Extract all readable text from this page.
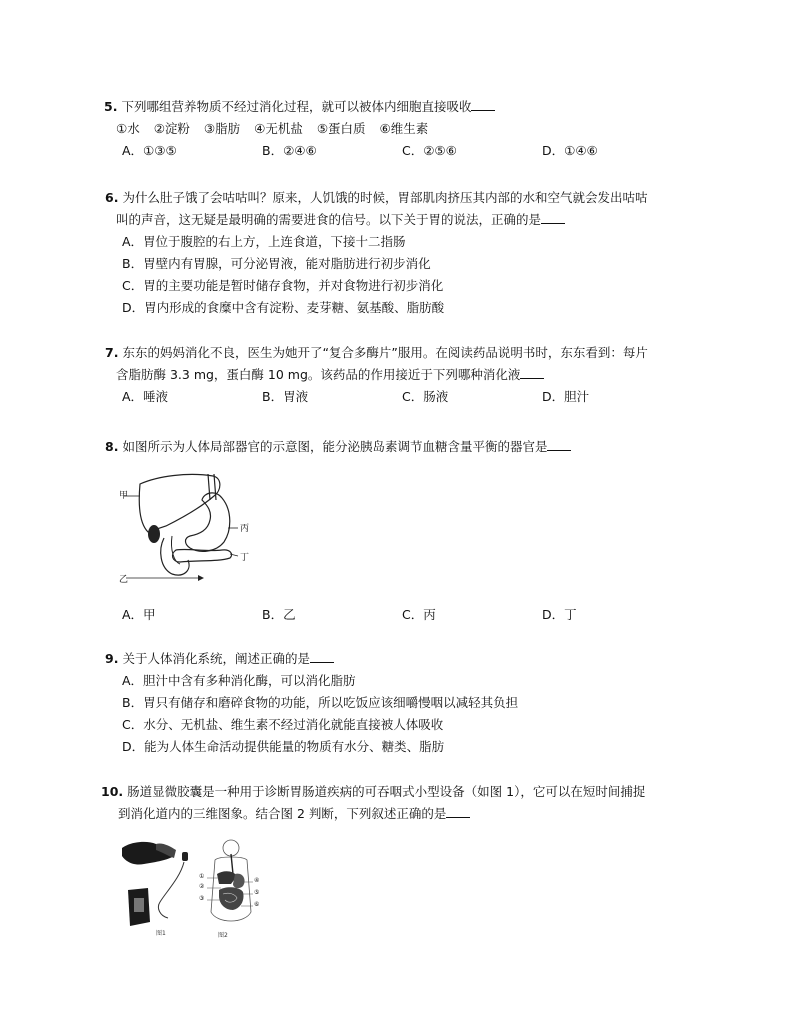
5. 下列哪组营养物质不经过消化过程，就可以被体内细胞直接吸收
①水 ②淀粉 ③脂肪 ④无机盐 ⑤蛋白质 ⑥维生素
A．①③⑤	B．②④⑥	C．②⑤⑥	D．①④⑥
6. 为什么肚子饿了会咕咕叫？原来，人饥饿的时候，胃部肌肉挤压其内部的水和空气就会发出咕咕
叫的声音，这无疑是最明确的需要进食的信号。以下关于胃的说法，正确的是
A．胃位于腹腔的右上方，上连食道，下接十二指肠
B．胃壁内有胃腺，可分泌胃液，能对脂肪进行初步消化
C．胃的主要功能是暂时储存食物，并对食物进行初步消化
D．胃内形成的食糜中含有淀粉、麦芽糖、氨基酸、脂肪酸
7. 东东的妈妈消化不良，医生为她开了“复合多酶片”服用。在阅读药品说明书时，东东看到：每片
含脂肪酶 3.3 mg，蛋白酶 10 mg。该药品的作用接近于下列哪种消化液
A．唾液	B．胃液	C．肠液	D．胆汁
8. 如图所示为人体局部器官的示意图，能分泌胰岛素调节血糖含量平衡的器官是
甲
丙
丁
乙
A．甲	B．乙	C．丙	D．丁
9. 关于人体消化系统，阐述正确的是
A．胆汁中含有多种消化酶，可以消化脂肪
B．胃只有储存和磨碎食物的功能，所以吃饭应该细嚼慢咽以减轻其负担
C．水分、无机盐、维生素不经过消化就能直接被人体吸收
D．能为人体生命活动提供能量的物质有水分、糖类、脂肪
10. 肠道显微胶囊是一种用于诊断胃肠道疾病的可吞咽式小型设备（如图 1），它可以在短时间捕捉
到消化道内的三维图象。结合图 2 判断，下列叙述正确的是
图1
①
②
③
④
⑤
⑥
图2
